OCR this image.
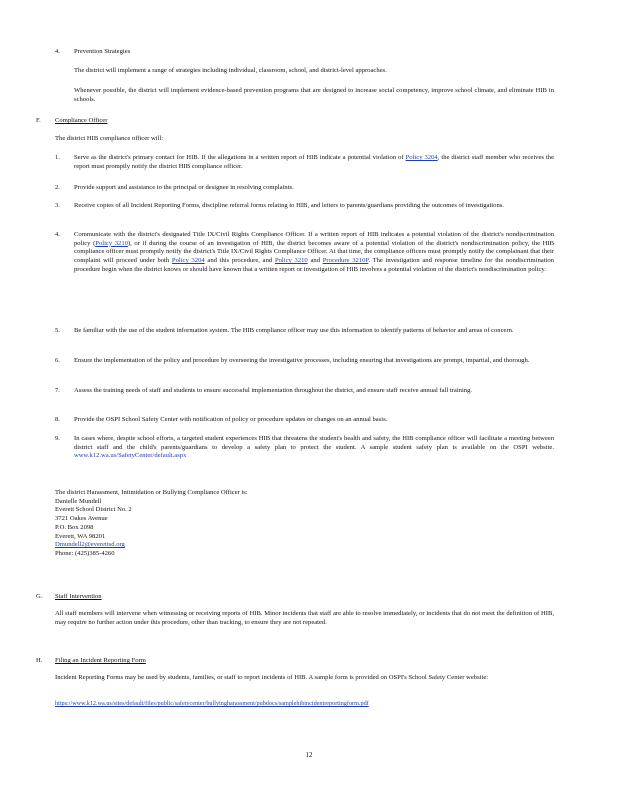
4. Prevention Strategies
The district will implement a range of strategies including individual, classroom, school, and district-level approaches.
Whenever possible, the district will implement evidence-based prevention programs that are designed to increase social competency, improve school climate, and eliminate HIB in schools.
F. Compliance Officer
The district HIB compliance officer will:
1. Serve as the district's primary contact for HIB. If the allegations in a written report of HIB indicate a potential violation of Policy 3204, the district staff member who receives the report must promptly notify the district HIB compliance officer.
2. Provide support and assistance to the principal or designee in resolving complaints.
3. Receive copies of all Incident Reporting Forms, discipline referral forms relating to HIB, and letters to parents/guardians providing the outcomes of investigations.
4. Communicate with the district's designated Title IX/Civil Rights Compliance Officer. If a written report of HIB indicates a potential violation of the district's nondiscrimination policy (Policy 3210), or if during the course of an investigation of HIB, the district becomes aware of a potential violation of the district's nondiscrimination policy, the HIB compliance officer must promptly notify the district's Title IX/Civil Rights Compliance Officer. At that time, the compliance officers must promptly notify the complainant that their complaint will proceed under both Policy 3204 and this procedure, and Policy 3210 and Procedure 3210P. The investigation and response timeline for the nondiscrimination procedure begin when the district knows or should have known that a written report or investigation of HIB involves a potential violation of the district's nondiscrimination policy.
5. Be familiar with the use of the student information system. The HIB compliance officer may use this information to identify patterns of behavior and areas of concern.
6. Ensure the implementation of the policy and procedure by overseeing the investigative processes, including ensuring that investigations are prompt, impartial, and thorough.
7. Assess the training needs of staff and students to ensure successful implementation throughout the district, and ensure staff receive annual fall training.
8. Provide the OSPI School Safety Center with notification of policy or procedure updates or changes on an annual basis.
9. In cases where, despite school efforts, a targeted student experiences HIB that threatens the student's health and safety, the HIB compliance officer will facilitate a meeting between district staff and the child's parents/guardians to develop a safety plan to protect the student. A sample student safety plan is available on the OSPI website. www.k12.wa.us/SafetyCenter/default.aspx
The district Harassment, Intimidation or Bullying Compliance Officer is:
Danielle Mundell
Everett School District No. 2
3721 Oakes Avenue
P.O. Box 2098
Everett, WA 98201
Dmundell2@everettsd.org
Phone: (425)385-4260
G. Staff Intervention
All staff members will intervene when witnessing or receiving reports of HIB. Minor incidents that staff are able to resolve immediately, or incidents that do not meet the definition of HIB, may require no further action under this procedure, other than tracking, to ensure they are not repeated.
H. Filing an Incident Reporting Form
Incident Reporting Forms may be used by students, families, or staff to report incidents of HIB. A sample form is provided on OSPI's School Safety Center website:
https://www.k12.wa.us/sites/default/files/public/safetycenter/bullyingharassment/pubdocs/samplehibincidentreportingform.pdf
12
